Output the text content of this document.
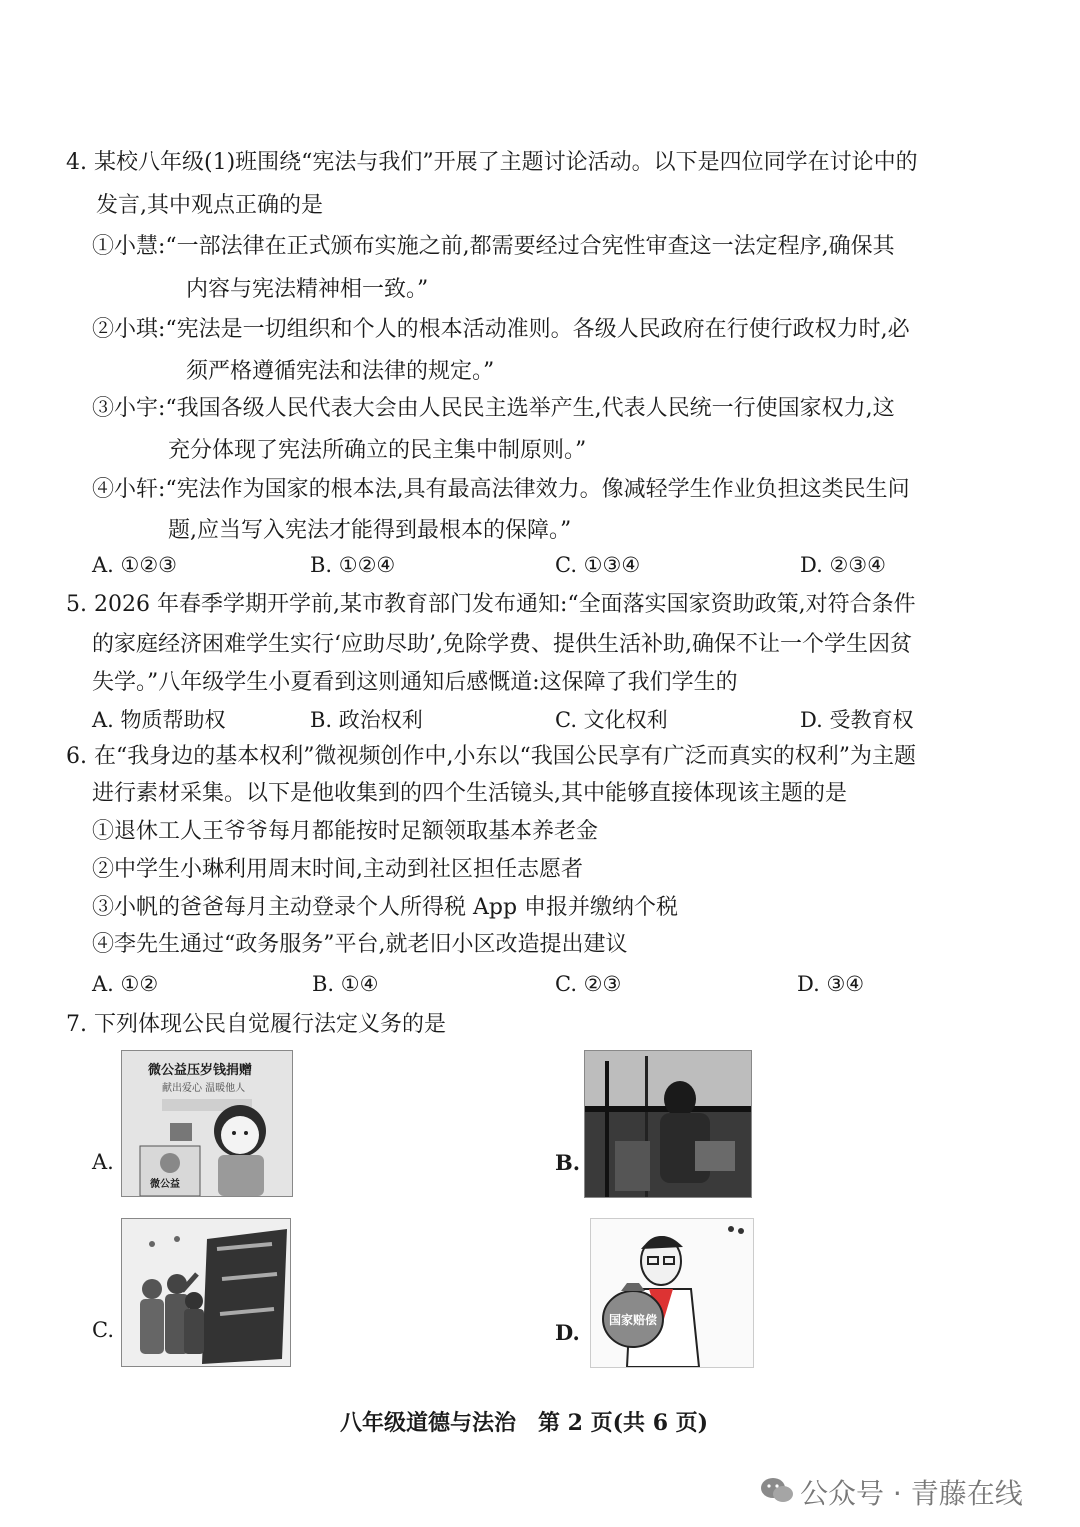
4. 某校八年级(1)班围绕“宪法与我们”开展了主题讨论活动。以下是四位同学在讨论中的
发言,其中观点正确的是
①小慧:“一部法律在正式颁布实施之前,都需要经过合宪性审查这一法定程序,确保其
内容与宪法精神相一致。”
②小琪:“宪法是一切组织和个人的根本活动准则。各级人民政府在行使行政权力时,必
须严格遵循宪法和法律的规定。”
③小宇:“我国各级人民代表大会由人民民主选举产生,代表人民统一行使国家权力,这
充分体现了宪法所确立的民主集中制原则。”
④小轩:“宪法作为国家的根本法,具有最高法律效力。像减轻学生作业负担这类民生问
题,应当写入宪法才能得到最根本的保障。”
A. ①②③	B. ①②④	C. ①③④	D. ②③④
5. 2026 年春季学期开学前,某市教育部门发布通知:“全面落实国家资助政策,对符合条件
的家庭经济困难学生实行‘应助尽助’,免除学费、提供生活补助,确保不让一个学生因贫
失学。”八年级学生小夏看到这则通知后感慨道:这保障了我们学生的
A. 物质帮助权	B. 政治权利	C. 文化权利	D. 受教育权
6. 在“我身边的基本权利”微视频创作中,小东以“我国公民享有广泛而真实的权利”为主题
进行素材采集。以下是他收集到的四个生活镜头,其中能够直接体现该主题的是
①退休工人王爷爷每月都能按时足额领取基本养老金
②中学生小琳利用周末时间,主动到社区担任志愿者
③小帆的爸爸每月主动登录个人所得税 App 申报并缴纳个税
④李先生通过“政务服务”平台,就老旧小区改造提出建议
A. ①②	B. ①④	C. ②③	D. ③④
7. 下列体现公民自觉履行法定义务的是
A.
微公益压岁钱捐赠
献出爱心 温暖他人
微公益
B.
C.	D. 国家赔偿
八年级道德与法治　第 2 页(共 6 页)
公众号 · 青藤在线
